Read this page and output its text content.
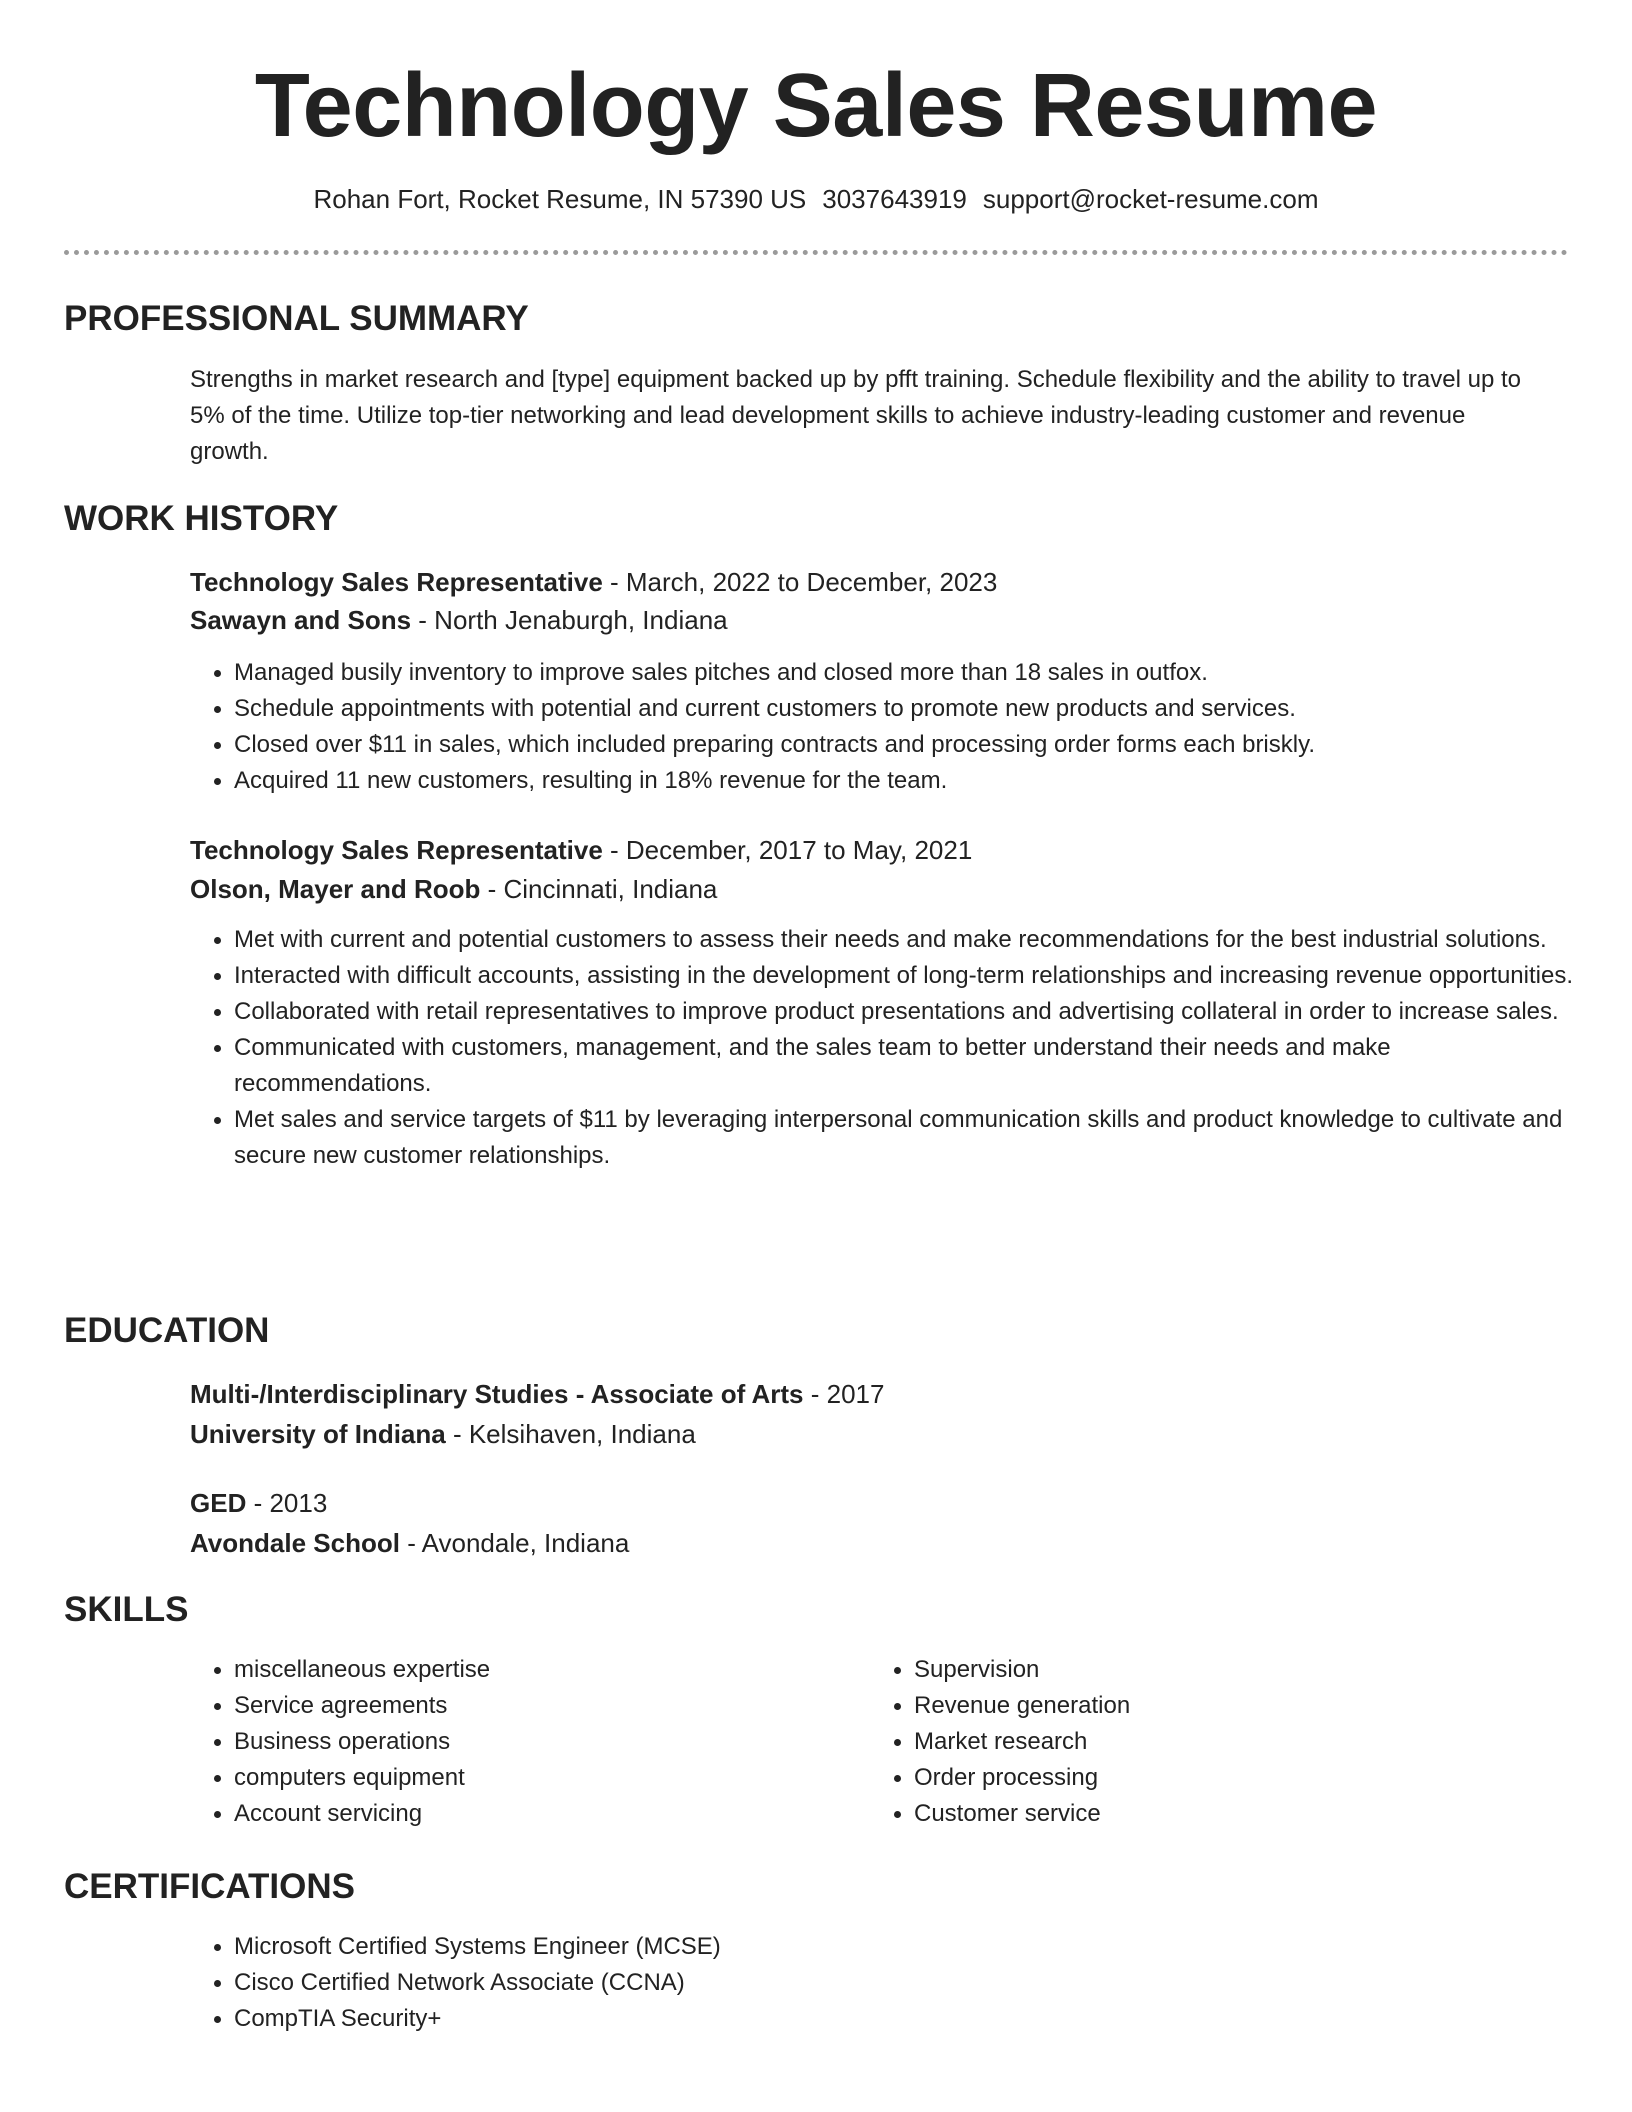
Technology Sales Resume
Rohan Fort, Rocket Resume, IN 57390 US 3037643919 support@rocket-resume.com
PROFESSIONAL SUMMARY
Strengths in market research and [type] equipment backed up by pfft training. Schedule flexibility and the ability to travel up to 5% of the time. Utilize top-tier networking and lead development skills to achieve industry-leading customer and revenue growth.
WORK HISTORY
Technology Sales Representative - March, 2022 to December, 2023
Sawayn and Sons - North Jenaburgh, Indiana
• Managed busily inventory to improve sales pitches and closed more than 18 sales in outfox.
• Schedule appointments with potential and current customers to promote new products and services.
• Closed over $11 in sales, which included preparing contracts and processing order forms each briskly.
• Acquired 11 new customers, resulting in 18% revenue for the team.
Technology Sales Representative - December, 2017 to May, 2021
Olson, Mayer and Roob - Cincinnati, Indiana
• Met with current and potential customers to assess their needs and make recommendations for the best industrial solutions.
• Interacted with difficult accounts, assisting in the development of long-term relationships and increasing revenue opportunities.
• Collaborated with retail representatives to improve product presentations and advertising collateral in order to increase sales.
• Communicated with customers, management, and the sales team to better understand their needs and make recommendations.
• Met sales and service targets of $11 by leveraging interpersonal communication skills and product knowledge to cultivate and secure new customer relationships.
EDUCATION
Multi-/Interdisciplinary Studies - Associate of Arts - 2017
University of Indiana - Kelsihaven, Indiana
GED - 2013
Avondale School - Avondale, Indiana
SKILLS
• miscellaneous expertise
• Service agreements
• Business operations
• computers equipment
• Account servicing
• Supervision
• Revenue generation
• Market research
• Order processing
• Customer service
CERTIFICATIONS
• Microsoft Certified Systems Engineer (MCSE)
• Cisco Certified Network Associate (CCNA)
• CompTIA Security+
